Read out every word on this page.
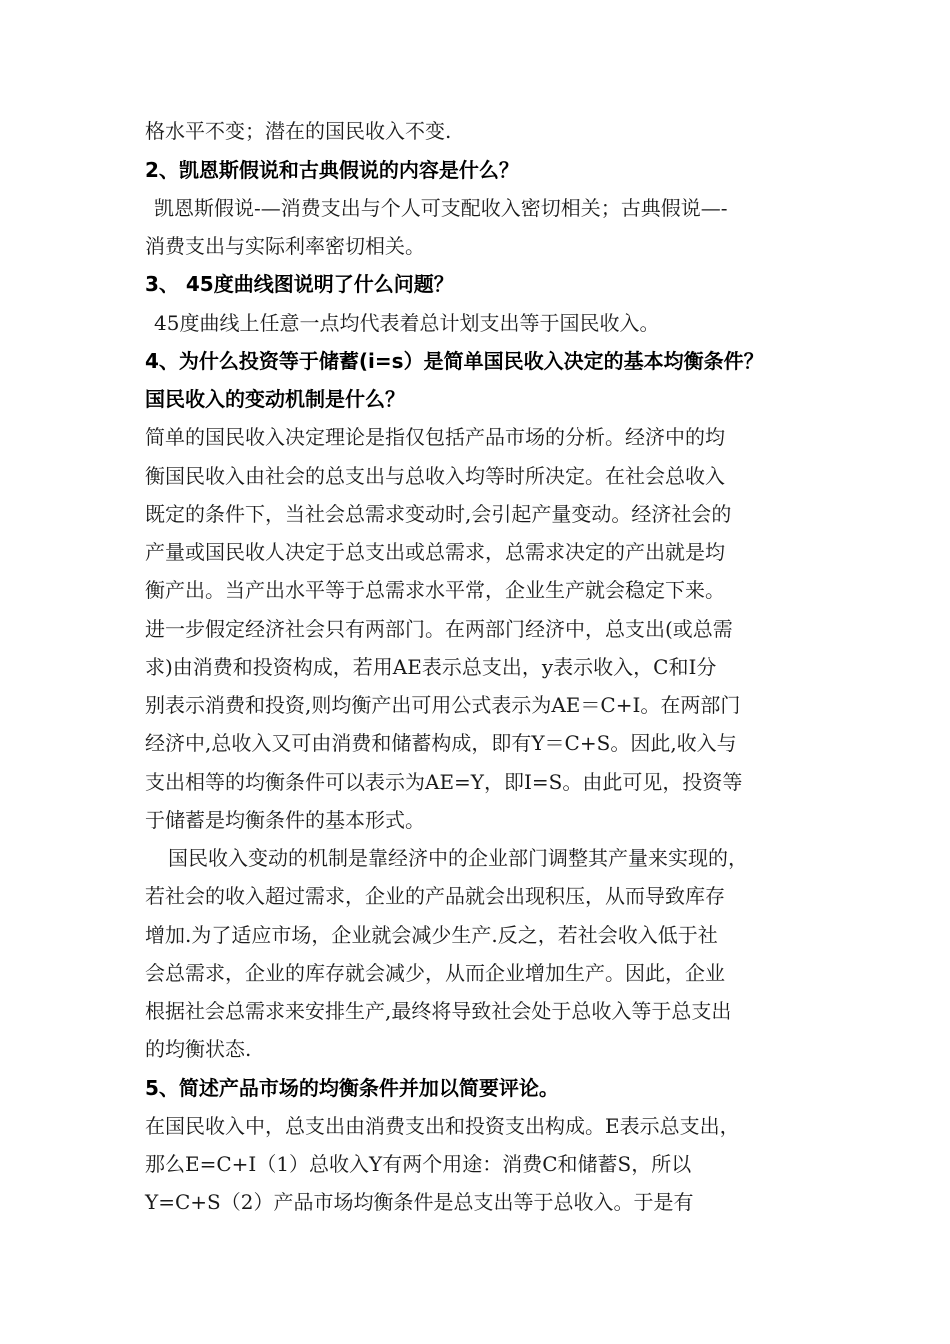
格水平不变；潜在的国民收入不变.
2、凯恩斯假说和古典假说的内容是什么？
凯恩斯假说-—消费支出与个人可支配收入密切相关；古典假说—-
消费支出与实际利率密切相关。
3、 45度曲线图说明了什么问题？
45度曲线上任意一点均代表着总计划支出等于国民收入。
4、为什么投资等于储蓄(i=s）是简单国民收入决定的基本均衡条件？
国民收入的变动机制是什么？
简单的国民收入决定理论是指仅包括产品市场的分析。经济中的均
衡国民收入由社会的总支出与总收入均等时所决定。在社会总收入
既定的条件下，当社会总需求变动时,会引起产量变动。经济社会的
产量或国民收人决定于总支出或总需求，总需求决定的产出就是均
衡产出。当产出水平等于总需求水平常，企业生产就会稳定下来。
进一步假定经济社会只有两部门。在两部门经济中，总支出(或总需
求)由消费和投资构成，若用AE表示总支出，y表示收入，C和I分
别表示消费和投资,则均衡产出可用公式表示为AE＝C+I。在两部门
经济中,总收入又可由消费和储蓄构成，即有Y＝C+S。因此,收入与
支出相等的均衡条件可以表示为AE=Y，即I=S。由此可见，投资等
于储蓄是均衡条件的基本形式。
国民收入变动的机制是靠经济中的企业部门调整其产量来实现的，
若社会的收入超过需求，企业的产品就会出现积压，从而导致库存
增加.为了适应市场，企业就会减少生产.反之，若社会收入低于社
会总需求，企业的库存就会减少，从而企业增加生产。因此，企业
根据社会总需求来安排生产,最终将导致社会处于总收入等于总支出
的均衡状态.
5、简述产品市场的均衡条件并加以简要评论。
在国民收入中，总支出由消费支出和投资支出构成。E表示总支出，
那么E=C+I（1）总收入Y有两个用途：消费C和储蓄S，所以
Y=C+S（2）产品市场均衡条件是总支出等于总收入。于是有
